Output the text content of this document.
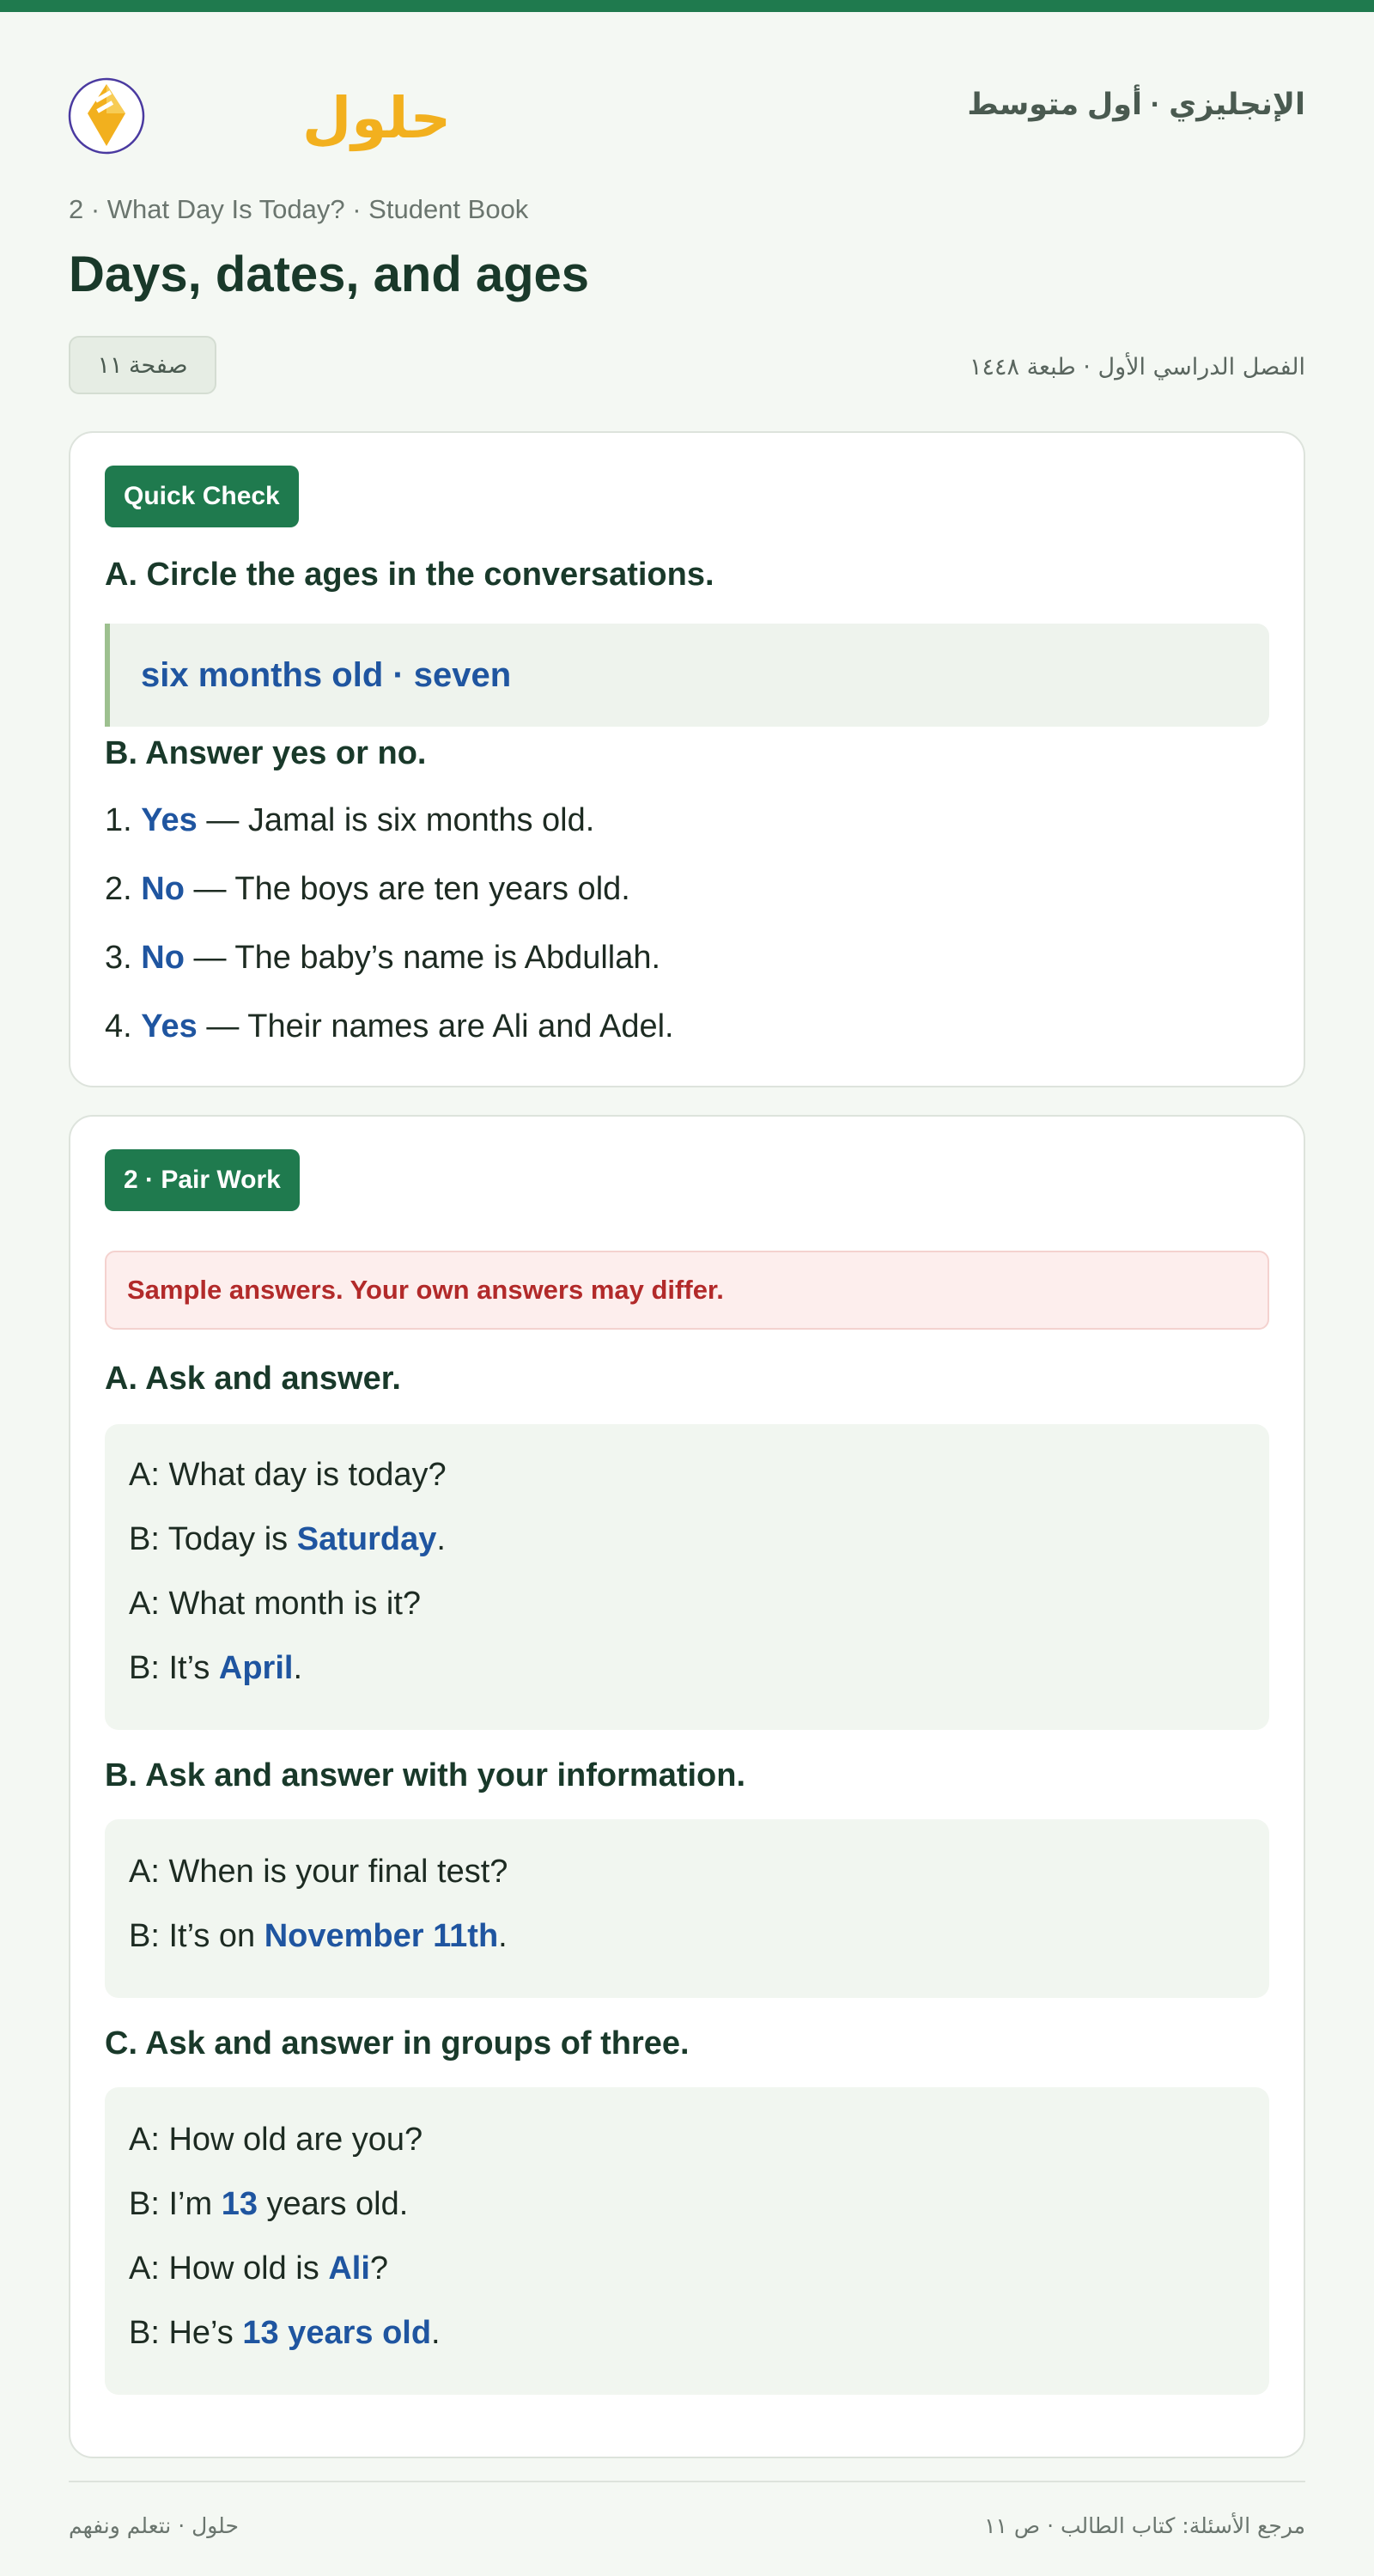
حلول	الإنجليزي · أول متوسط
2 · What Day Is Today? · Student Book
Days, dates, and ages
صفحة ١١	الفصل الدراسي الأول · طبعة ١٤٤٨
Quick Check
A. Circle the ages in the conversations.
six months old · seven
B. Answer yes or no.
1. Yes — Jamal is six months old.
2. No — The boys are ten years old.
3. No — The baby’s name is Abdullah.
4. Yes — Their names are Ali and Adel.
2 · Pair Work
Sample answers. Your own answers may differ.
A. Ask and answer.
A: What day is today?
B: Today is Saturday.
A: What month is it?
B: It’s April.
B. Ask and answer with your information.
A: When is your final test?
B: It’s on November 11th.
C. Ask and answer in groups of three.
A: How old are you?
B: I’m 13 years old.
A: How old is Ali?
B: He’s 13 years old.
حلول · نتعلم ونفهم	مرجع الأسئلة: كتاب الطالب · ص ١١
